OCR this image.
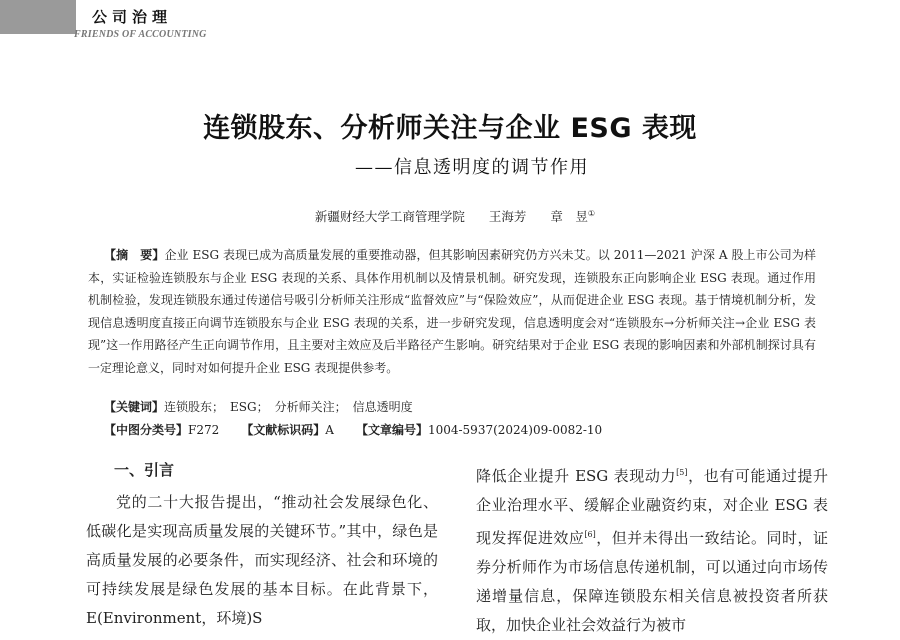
公司治理
FRIENDS OF ACCOUNTING
连锁股东、分析师关注与企业 ESG 表现
——信息透明度的调节作用
新疆财经大学工商管理学院 王海芳 章　昱①
【摘　要】企业 ESG 表现已成为高质量发展的重要推动器，但其影响因素研究仍方兴未艾。以 2011—2021 沪深 A 股上市公司为样本，实证检验连锁股东与企业 ESG 表现的关系、具体作用机制以及情景机制。研究发现，连锁股东正向影响企业 ESG 表现。通过作用机制检验，发现连锁股东通过传递信号吸引分析师关注形成“监督效应”与“保险效应”，从而促进企业 ESG 表现。基于情境机制分析，发现信息透明度直接正向调节连锁股东与企业 ESG 表现的关系，进一步研究发现，信息透明度会对“连锁股东→分析师关注→企业 ESG 表现”这一作用路径产生正向调节作用，且主要对主效应及后半路径产生影响。研究结果对于企业 ESG 表现的影响因素和外部机制探讨具有一定理论意义，同时对如何提升企业 ESG 表现提供参考。
【关键词】连锁股东；　ESG；　分析师关注；　信息透明度
【中图分类号】F272 【文献标识码】A 【文章编号】1004-5937(2024)09-0082-10
一、引言

党的二十大报告提出，“推动社会发展绿色化、低碳化是实现高质量发展的关键环节。”其中，绿色是高质量发展的必要条件，而实现经济、社会和环境的可持续发展是绿色发展的基本目标。在此背景下，E(Environment，环境)S

降低企业提升 ESG 表现动力[5]，也有可能通过提升企业治理水平、缓解企业融资约束，对企业 ESG 表现发挥促进效应[6]，但并未得出一致结论。同时，证券分析师作为市场信息传递机制，可以通过向市场传递增量信息，保障连锁股东相关信息被投资者所获取，加快企业社会效益行为被市
